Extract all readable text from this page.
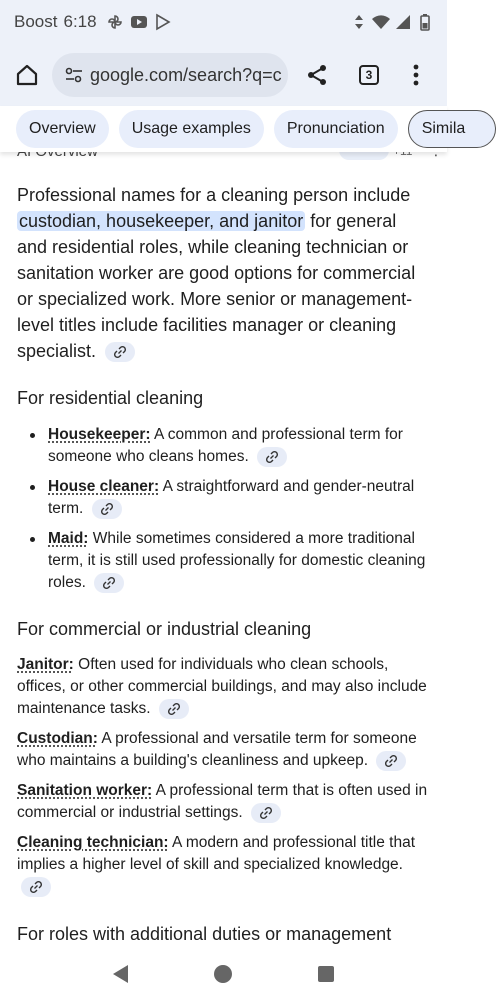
Boost 6:18
google.com/search?q=c	3
Overview	Usage examples	Pronunciation	Simila
Professional names for a cleaning person include custodian, housekeeper, and janitor for general and residential roles, while cleaning technician or sanitation worker are good options for commercial or specialized work. More senior or management-level titles include facilities manager or cleaning specialist.
For residential cleaning
Housekeeper: A common and professional term for someone who cleans homes.
House cleaner: A straightforward and gender-neutral term.
Maid: While sometimes considered a more traditional term, it is still used professionally for domestic cleaning roles.
For commercial or industrial cleaning
Janitor: Often used for individuals who clean schools, offices, or other commercial buildings, and may also include maintenance tasks.
Custodian: A professional and versatile term for someone who maintains a building's cleanliness and upkeep.
Sanitation worker: A professional term that is often used in commercial or industrial settings.
Cleaning technician: A modern and professional title that implies a higher level of skill and specialized knowledge.
For roles with additional duties or management
